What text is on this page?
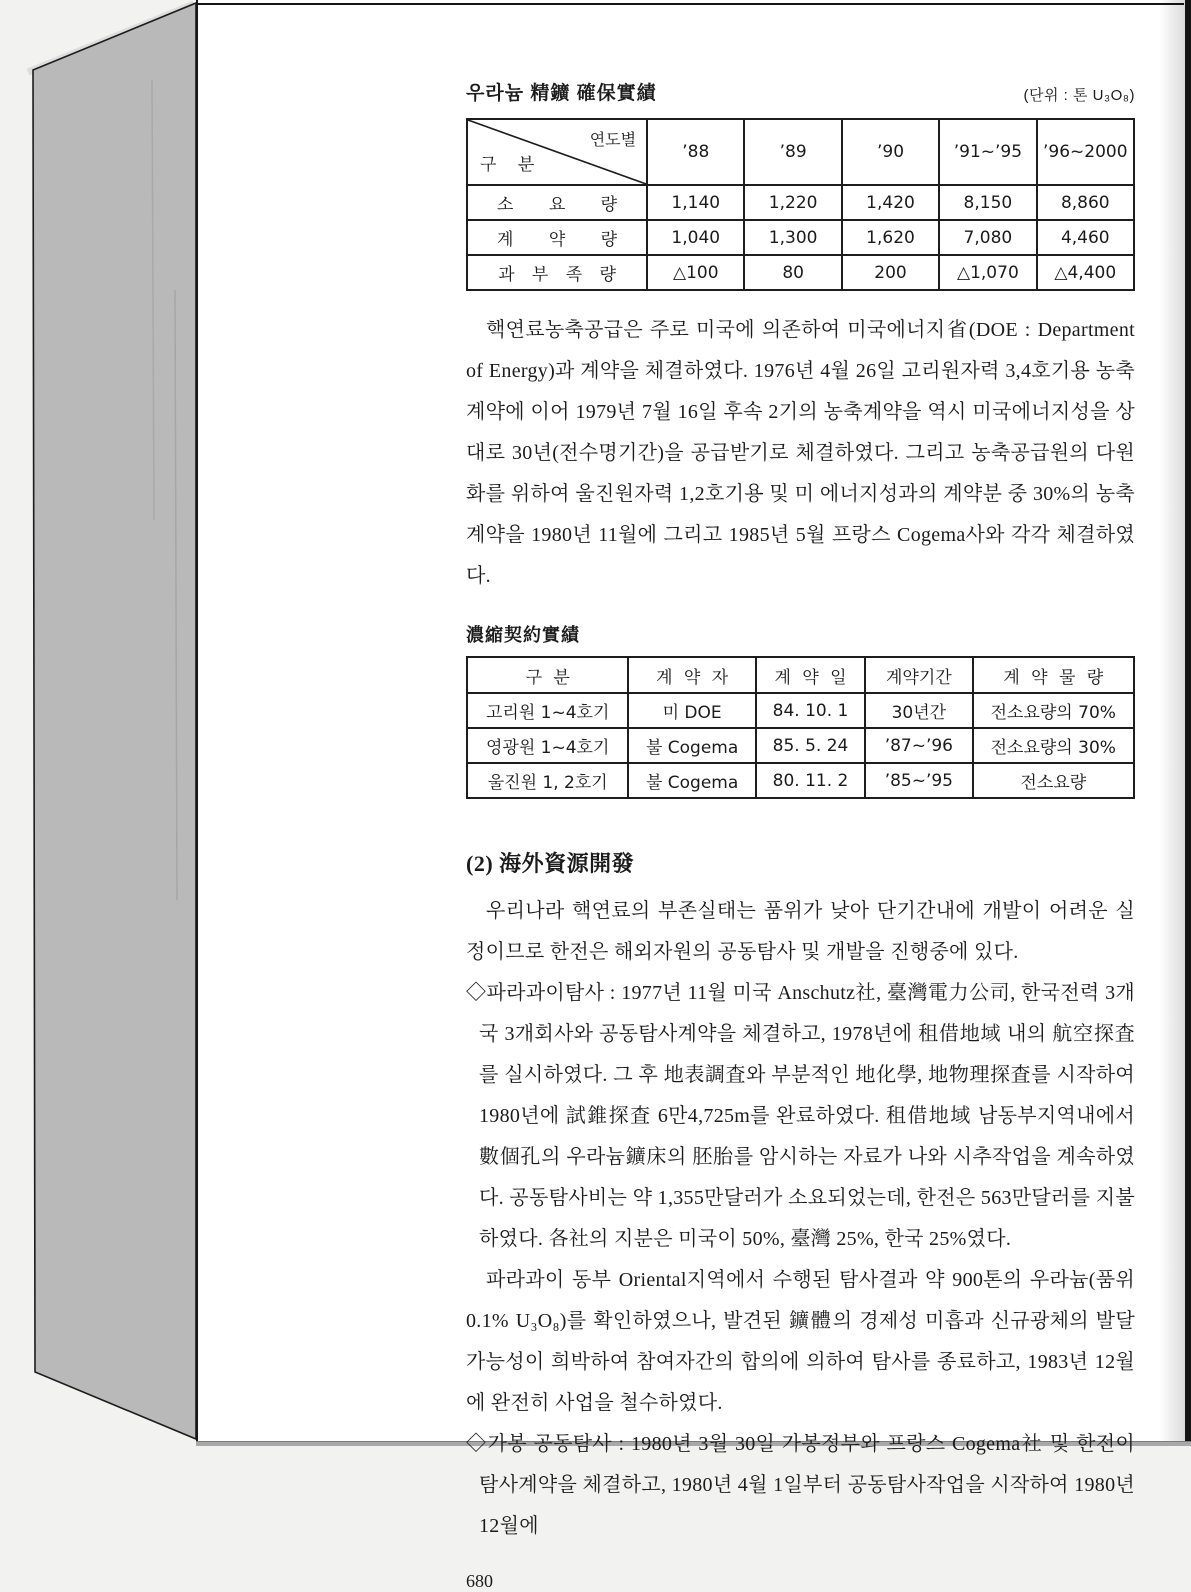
우라늄 精鑛 確保實績	(단위 : 톤 U₃O₈)
연도별
구 분	’88	’89	’90	’91~’95	’96~2000
소 요 량	1,140	1,220	1,420	8,150	8,860
계 약 량	1,040	1,300	1,620	7,080	4,460
과 부 족 량	△100	80	200	△1,070	△4,400

핵연료농축공급은 주로 미국에 의존하여 미국에너지省(DOE : Department of Energy)과 계약을 체결하였다. 1976년 4월 26일 고리원자력 3,4호기용 농축계약에 이어 1979년 7월 16일 후속 2기의 농축계약을 역시 미국에너지성을 상대로 30년(전수명기간)을 공급받기로 체결하였다. 그리고 농축공급원의 다원화를 위하여 울진원자력 1,2호기용 및 미 에너지성과의 계약분 중 30%의 농축계약을 1980년 11월에 그리고 1985년 5월 프랑스 Cogema사와 각각 체결하였다.

濃縮契約實績
구 분	계 약 자	계 약 일	계약기간	계 약 물 량
고리원 1~4호기	미 DOE	84. 10. 1	30년간	전소요량의 70%
영광원 1~4호기	불 Cogema	85. 5. 24	’87~’96	전소요량의 30%
울진원 1, 2호기	불 Cogema	80. 11. 2	’85~’95	전소요량
(2) 海外資源開發

우리나라 핵연료의 부존실태는 품위가 낮아 단기간내에 개발이 어려운 실정이므로 한전은 해외자원의 공동탐사 및 개발을 진행중에 있다.

◇파라과이탐사 : 1977년 11월 미국 Anschutz社, 臺灣電力公司, 한국전력 3개국 3개회사와 공동탐사계약을 체결하고, 1978년에 租借地域 내의 航空探査를 실시하였다. 그 후 地表調査와 부분적인 地化學, 地物理探査를 시작하여 1980년에 試錐探査 6만4,725m를 완료하였다. 租借地域 남동부지역내에서 數個孔의 우라늄鑛床의 胚胎를 암시하는 자료가 나와 시추작업을 계속하였다. 공동탐사비는 약 1,355만달러가 소요되었는데, 한전은 563만달러를 지불하였다. 各社의 지분은 미국이 50%, 臺灣 25%, 한국 25%였다.

파라과이 동부 Oriental지역에서 수행된 탐사결과 약 900톤의 우라늄(품위 0.1% U₃O₈)를 확인하였으나, 발견된 鑛體의 경제성 미흡과 신규광체의 발달가능성이 희박하여 참여자간의 합의에 의하여 탐사를 종료하고, 1983년 12월에 완전히 사업을 철수하였다.

◇가봉 공동탐사 : 1980년 3월 30일 가봉정부와 프랑스 Cogema社 및 한전이 탐사계약을 체결하고, 1980년 4월 1일부터 공동탐사작업을 시작하여 1980년 12월에

680
